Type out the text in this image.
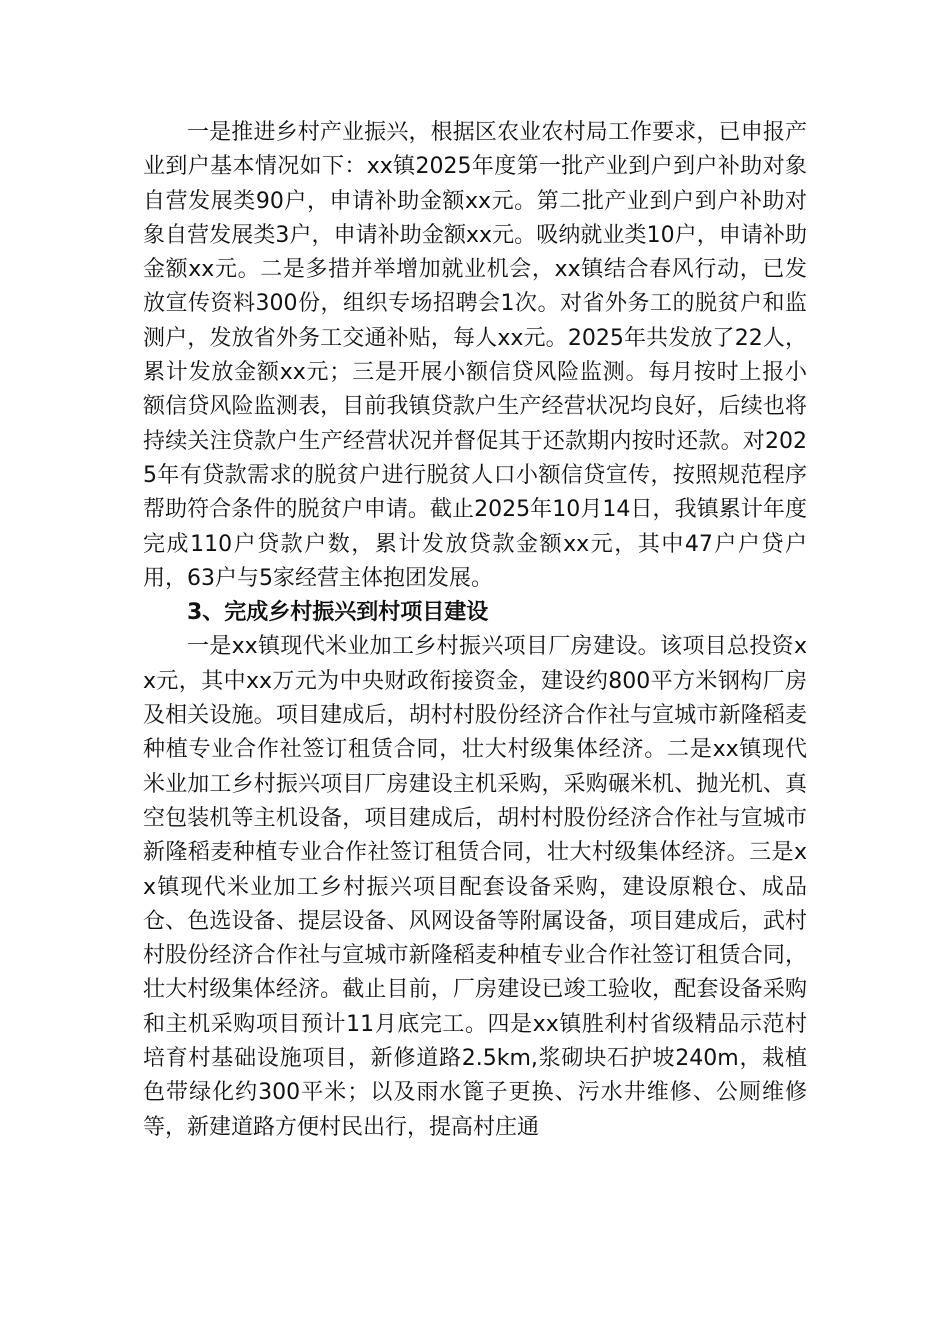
一是推进乡村产业振兴，根据区农业农村局工作要求，已申报产业到户基本情况如下：xx镇2025年度第一批产业到户到户补助对象自营发展类90户，申请补助金额xx元。第二批产业到户到户补助对象自营发展类3户，申请补助金额xx元。吸纳就业类10户，申请补助金额xx元。二是多措并举增加就业机会，xx镇结合春风行动，已发放宣传资料300份，组织专场招聘会1次。对省外务工的脱贫户和监测户，发放省外务工交通补贴，每人xx元。2025年共发放了22人，累计发放金额xx元；三是开展小额信贷风险监测。每月按时上报小额信贷风险监测表，目前我镇贷款户生产经营状况均良好，后续也将持续关注贷款户生产经营状况并督促其于还款期内按时还款。对2025年有贷款需求的脱贫户进行脱贫人口小额信贷宣传，按照规范程序帮助符合条件的脱贫户申请。截止2025年10月14日，我镇累计年度完成110户贷款户数，累计发放贷款金额xx元，其中47户户贷户用，63户与5家经营主体抱团发展。

3、完成乡村振兴到村项目建设

一是xx镇现代米业加工乡村振兴项目厂房建设。该项目总投资xx元，其中xx万元为中央财政衔接资金，建设约800平方米钢构厂房及相关设施。项目建成后，胡村村股份经济合作社与宣城市新隆稻麦种植专业合作社签订租赁合同，壮大村级集体经济。二是xx镇现代米业加工乡村振兴项目厂房建设主机采购，采购碾米机、抛光机、真空包装机等主机设备，项目建成后，胡村村股份经济合作社与宣城市新隆稻麦种植专业合作社签订租赁合同，壮大村级集体经济。三是xx镇现代米业加工乡村振兴项目配套设备采购，建设原粮仓、成品仓、色选设备、提层设备、风网设备等附属设备，项目建成后，武村村股份经济合作社与宣城市新隆稻麦种植专业合作社签订租赁合同，壮大村级集体经济。截止目前，厂房建设已竣工验收，配套设备采购和主机采购项目预计11月底完工。四是xx镇胜利村省级精品示范村培育村基础设施项目，新修道路2.5km,浆砌块石护坡240m，栽植色带绿化约300平米；以及雨水篦子更换、污水井维修、公厕维修等，新建道路方便村民出行，提高村庄通
